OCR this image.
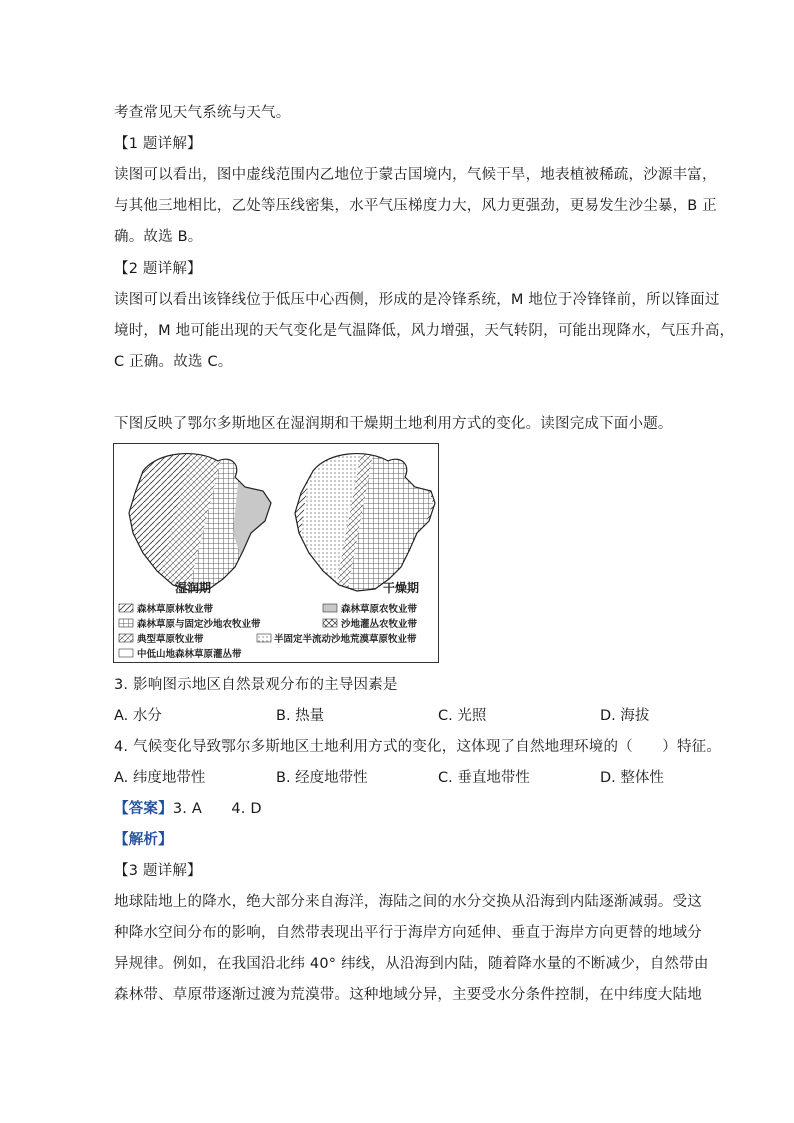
考查常见天气系统与天气。
【1 题详解】
读图可以看出，图中虚线范围内乙地位于蒙古国境内，气候干旱，地表植被稀疏，沙源丰富，
与其他三地相比，乙处等压线密集，水平气压梯度力大，风力更强劲，更易发生沙尘暴，B 正
确。故选 B。
【2 题详解】
读图可以看出该锋线位于低压中心西侧，形成的是冷锋系统，M 地位于冷锋锋前，所以锋面过
境时，M 地可能出现的天气变化是气温降低，风力增强，天气转阴，可能出现降水，气压升高，
C 正确。故选 C。
下图反映了鄂尔多斯地区在湿润期和干燥期土地利用方式的变化。读图完成下面小题。
湿润期	干燥期
森林草原林牧业带	森林草原农牧业带
森林草原与固定沙地农牧业带	沙地灌丛农牧业带
典型草原牧业带	半固定半流动沙地荒漠草原牧业带
中低山地森林草原灌丛带
3. 影响图示地区自然景观分布的主导因素是
A. 水分	B. 热量	C. 光照	D. 海拔
4. 气候变化导致鄂尔多斯地区土地利用方式的变化，这体现了自然地理环境的（　　）特征。
A. 纬度地带性	B. 经度地带性	C. 垂直地带性	D. 整体性
【答案】3. A　　4. D
【解析】
【3 题详解】
地球陆地上的降水，绝大部分来自海洋，海陆之间的水分交换从沿海到内陆逐渐减弱。受这
种降水空间分布的影响，自然带表现出平行于海岸方向延伸、垂直于海岸方向更替的地域分
异规律。例如，在我国沿北纬 40° 纬线，从沿海到内陆，随着降水量的不断减少，自然带由
森林带、草原带逐渐过渡为荒漠带。这种地域分异，主要受水分条件控制，在中纬度大陆地
